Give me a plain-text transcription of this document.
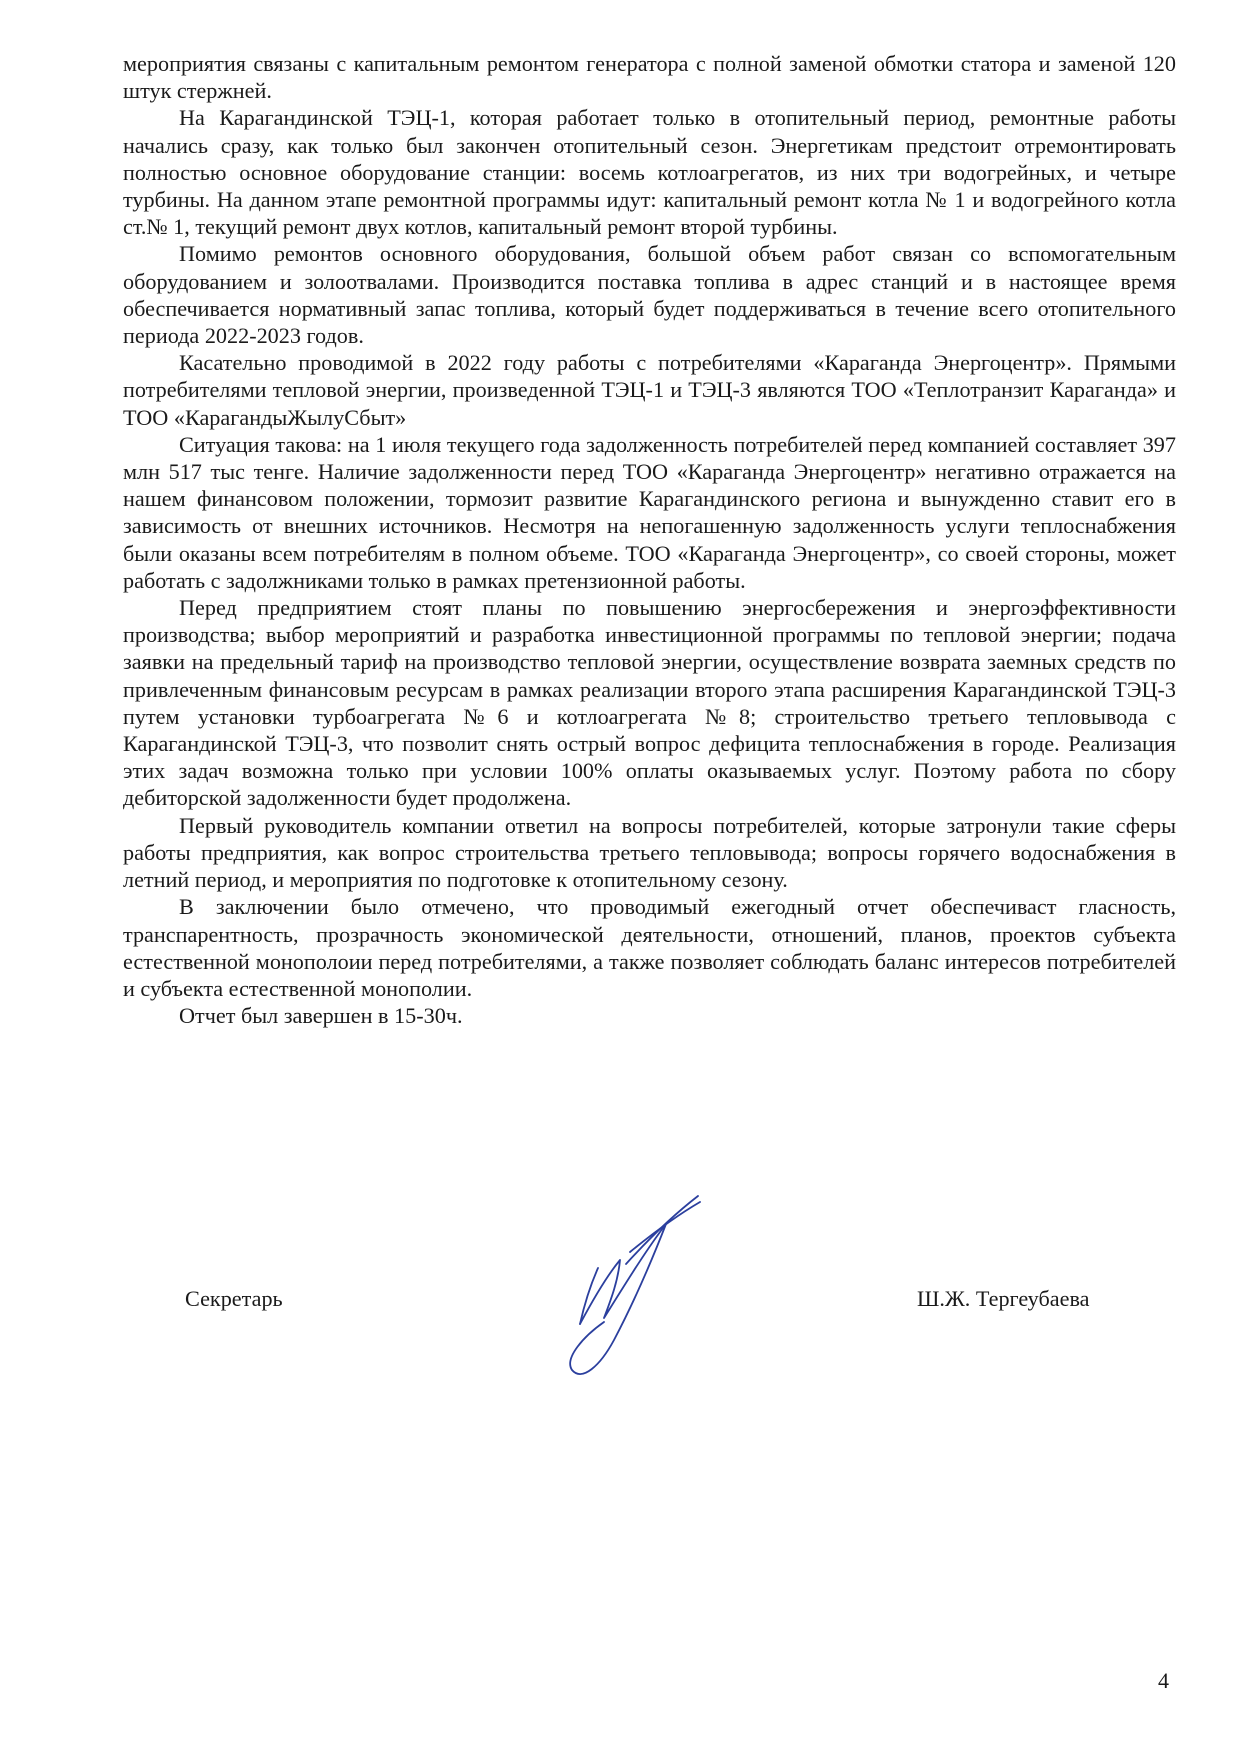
мероприятия связаны с капитальным ремонтом генератора с полной заменой обмотки статора и заменой 120 штук стержней.

На Карагандинской ТЭЦ-1, которая работает только в отопительный период, ремонтные работы начались сразу, как только был закончен отопительный сезон. Энергетикам предстоит отремонтировать полностью основное оборудование станции: восемь котлоагрегатов, из них три водогрейных, и четыре турбины. На данном этапе ремонтной программы идут: капитальный ремонт котла № 1 и водогрейного котла ст.№ 1, текущий ремонт двух котлов, капитальный ремонт второй турбины.

Помимо ремонтов основного оборудования, большой объем работ связан со вспомогательным оборудованием и золоотвалами. Производится поставка топлива в адрес станций и в настоящее время обеспечивается нормативный запас топлива, который будет поддерживаться в течение всего отопительного периода 2022-2023 годов.

Касательно проводимой в 2022 году работы с потребителями «Караганда Энергоцентр». Прямыми потребителями тепловой энергии, произведенной ТЭЦ-1 и ТЭЦ-3 являются ТОО «Теплотранзит Караганда» и ТОО «КарагандыЖылуСбыт»

Ситуация такова: на 1 июля текущего года задолженность потребителей перед компанией составляет 397 млн 517 тыс тенге. Наличие задолженности перед ТОО «Караганда Энергоцентр» негативно отражается на нашем финансовом положении, тормозит развитие Карагандинского региона и вынужденно ставит его в зависимость от внешних источников. Несмотря на непогашенную задолженность услуги теплоснабжения были оказаны всем потребителям в полном объеме. ТОО «Караганда Энергоцентр», со своей стороны, может работать с задолжниками только в рамках претензионной работы.

Перед предприятием стоят планы по повышению энергосбережения и энергоэффективности производства; выбор мероприятий и разработка инвестиционной программы по тепловой энергии; подача заявки на предельный тариф на производство тепловой энергии, осуществление возврата заемных средств по привлеченным финансовым ресурсам в рамках реализации второго этапа расширения Карагандинской ТЭЦ-3 путем установки турбоагрегата №6 и котлоагрегата №8; строительство третьего тепловывода с Карагандинской ТЭЦ-3, что позволит снять острый вопрос дефицита теплоснабжения в городе. Реализация этих задач возможна только при условии 100% оплаты оказываемых услуг. Поэтому работа по сбору дебиторской задолженности будет продолжена.

Первый руководитель компании ответил на вопросы потребителей, которые затронули такие сферы работы предприятия, как вопрос строительства третьего тепловывода; вопросы горячего водоснабжения в летний период, и мероприятия по подготовке к отопительному сезону.

В заключении было отмечено, что проводимый ежегодный отчет обеспечиваст гласность, транспарентность, прозрачность экономической деятельности, отношений, планов, проектов субъекта естественной монополоии перед потребителями, а также позволяет соблюдать баланс интересов потребителей и субъекта естественной монополии.

Отчет был завершен в 15-30ч.

Секретарь	Ш.Ж. Тергеубаева
4
